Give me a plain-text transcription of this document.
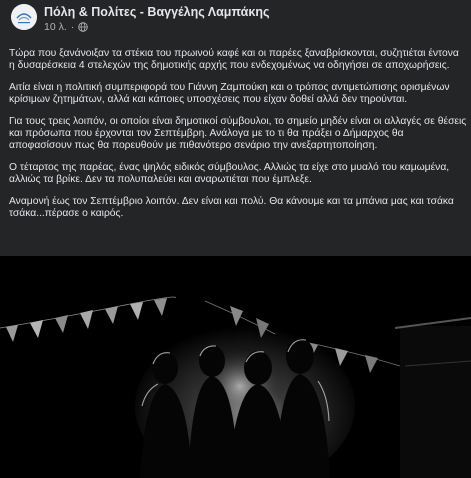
Πόλη & Πολίτες - Βαγγέλης Λαμπάκης
10 λ. ·

Τώρα που ξανάνοιξαν τα στέκια του πρωινού καφέ και οι παρέες ξαναβρίσκονται, συζητιέται έντονα η δυσαρέσκεια 4 στελεχών της δημοτικής αρχής που ενδεχομένως να οδηγήσει σε αποχωρήσεις.

Αιτία είναι η πολιτική συμπεριφορά του Γιάννη Ζαμπούκη και ο τρόπος αντιμετώπισης ορισμένων κρίσιμων ζητημάτων, αλλά και κάποιες υποσχέσεις που είχαν δοθεί αλλά δεν τηρούνται.

Για τους τρεις λοιπόν, οι οποίοι είναι δημοτικοί σύμβουλοι, το σημείο μηδέν είναι οι αλλαγές σε θέσεις και πρόσωπα που έρχονται τον Σεπτέμβρη. Ανάλογα με το τι θα πράξει ο Δήμαρχος θα αποφασίσουν πως θα πορευθούν με πιθανότερο σενάριο την ανεξαρτητοποίηση.

Ο τέταρτος της παρέας, ένας ψηλός ειδικός σύμβουλος. Αλλιώς τα είχε στο μυαλό του καμωμένα, αλλιώς τα βρίκε. Δεν τα πολυπαλεύει και αναρωτιέται που έμπλεξε.

Αναμονή έως τον Σεπτέμβριο λοιπόν. Δεν είναι και πολύ. Θα κάνουμε και τα μπάνια μας και τσάκα τσάκα...πέρασε ο καιρός.
